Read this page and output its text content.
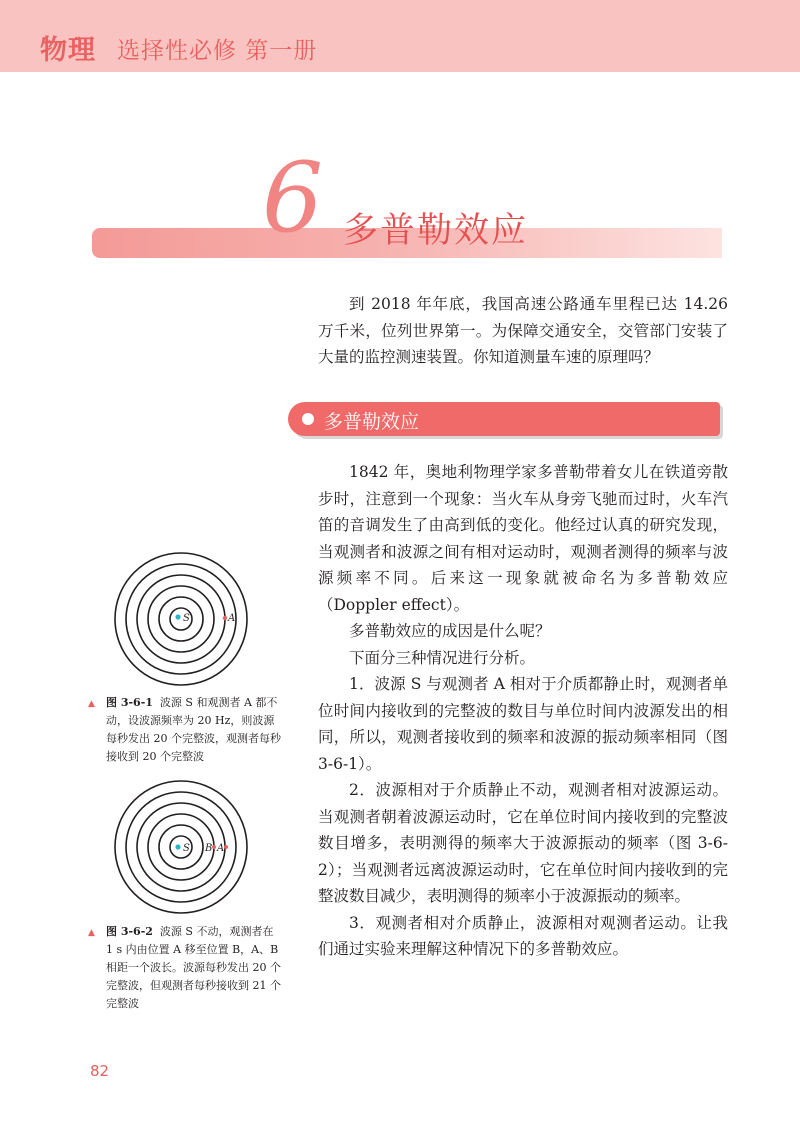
物理 选择性必修 第一册
6 多普勒效应

到 2018 年年底，我国高速公路通车里程已达 14.26 万千米，位列世界第一。为保障交通安全，交管部门安装了大量的监控测速装置。你知道测量车速的原理吗？

多普勒效应

1842 年，奥地利物理学家多普勒带着女儿在铁道旁散步时，注意到一个现象：当火车从身旁飞驰而过时，火车汽笛的音调发生了由高到低的变化。他经过认真的研究发现，当观测者和波源之间有相对运动时，观测者测得的频率与波源频率不同。后来这一现象就被命名为多普勒效应（Doppler effect）。

多普勒效应的成因是什么呢？

下面分三种情况进行分析。

1．波源 S 与观测者 A 相对于介质都静止时，观测者单位时间内接收到的完整波的数目与单位时间内波源发出的相同，所以，观测者接收到的频率和波源的振动频率相同（图 3-6-1）。

2．波源相对于介质静止不动，观测者相对波源运动。当观测者朝着波源运动时，它在单位时间内接收到的完整波数目增多，表明测得的频率大于波源振动的频率（图 3-6-2）；当观测者远离波源运动时，它在单位时间内接收到的完整波数目减少，表明测得的频率小于波源振动的频率。

3．观测者相对介质静止，波源相对观测者运动。让我们通过实验来理解这种情况下的多普勒效应。

S	A
▲	图 3-6-1 波源 S 和观测者 A 都不动，设波源频率为 20 Hz，则波源每秒发出 20 个完整波，观测者每秒接收到 20 个完整波
S B A
▲	图 3-6-2 波源 S 不动，观测者在 1 s 内由位置 A 移至位置 B，A、B 相距一个波长。波源每秒发出 20 个完整波，但观测者每秒接收到 21 个完整波
82
